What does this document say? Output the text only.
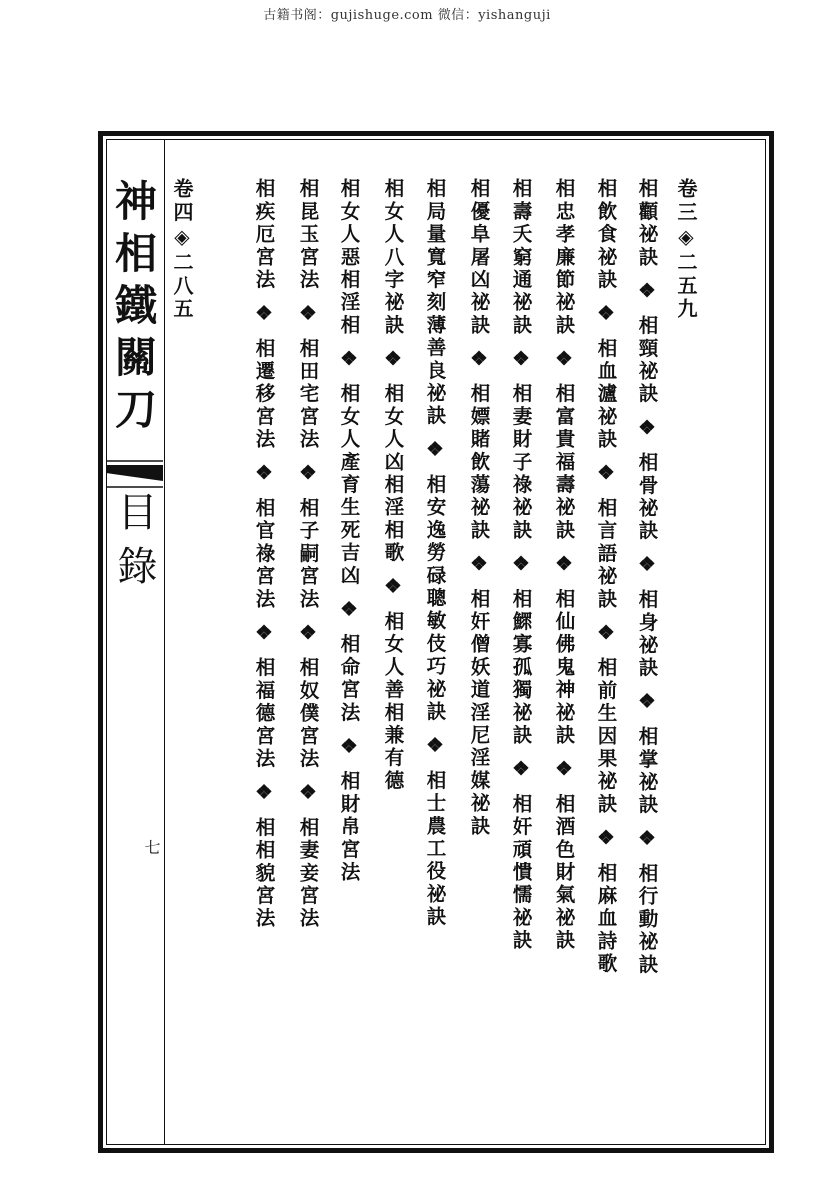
古籍书阁：gujishuge.com 微信：yishanguji
神相鐵關刀
目錄
七
卷三◈二五九
相顴祕訣 ❖ 相頸祕訣 ❖ 相骨祕訣 ❖ 相身祕訣 ❖ 相掌祕訣 ❖ 相行動祕訣
相飲食祕訣 ❖ 相血瀘祕訣 ❖ 相言語祕訣 ❖ 相前生因果祕訣 ❖ 相麻血詩歌
相忠孝廉節祕訣 ❖ 相富貴福壽祕訣 ❖ 相仙佛鬼神祕訣 ❖ 相酒色財氣祕訣
相壽夭窮通祕訣 ❖ 相妻財子祿祕訣 ❖ 相鰥寡孤獨祕訣 ❖ 相奸頑憒懦祕訣
相優阜屠凶祕訣 ❖ 相嫖賭飲蕩祕訣 ❖ 相奸僧妖道淫尼淫媒祕訣
相局量寬窄刻薄善良祕訣 ❖ 相安逸勞碌聰敏伎巧祕訣 ❖ 相士農工役祕訣
相女人八字祕訣 ❖ 相女人凶相淫相歌 ❖ 相女人善相兼有德
相女人惡相淫相 ❖ 相女人產育生死吉凶 ❖ 相命宮法 ❖ 相財帛宮法
相昆玉宮法 ❖ 相田宅宮法 ❖ 相子嗣宮法 ❖ 相奴僕宮法 ❖ 相妻妾宮法
相疾厄宮法 ❖ 相遷移宮法 ❖ 相官祿宮法 ❖ 相福德宮法 ❖ 相相貌宮法
卷四◈二八五
